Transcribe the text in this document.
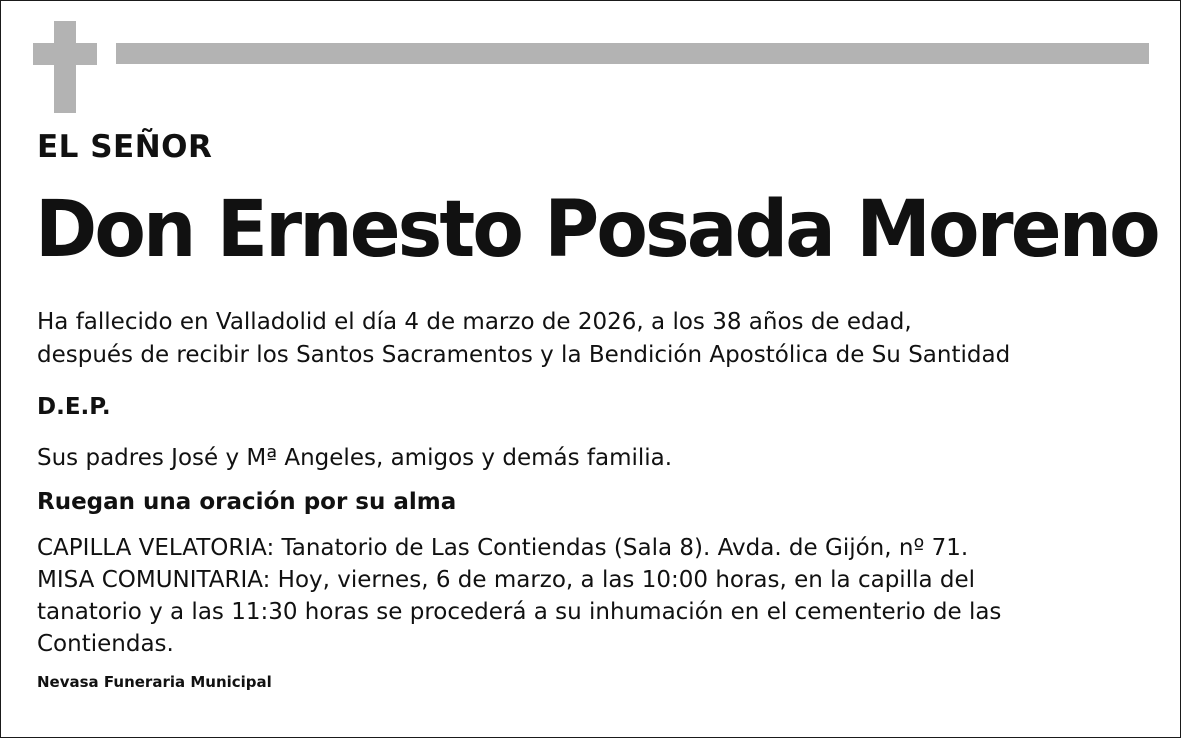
EL SEÑOR
Don Ernesto Posada Moreno
Ha fallecido en Valladolid el día 4 de marzo de 2026, a los 38 años de edad,
después de recibir los Santos Sacramentos y la Bendición Apostólica de Su Santidad
D.E.P.
Sus padres José y Mª Angeles, amigos y demás familia.
Ruegan una oración por su alma
CAPILLA VELATORIA: Tanatorio de Las Contiendas (Sala 8). Avda. de Gijón, nº 71.
MISA COMUNITARIA: Hoy, viernes, 6 de marzo, a las 10:00 horas, en la capilla del
tanatorio y a las 11:30 horas se procederá a su inhumación en el cementerio de las
Contiendas.
Nevasa Funeraria Municipal
